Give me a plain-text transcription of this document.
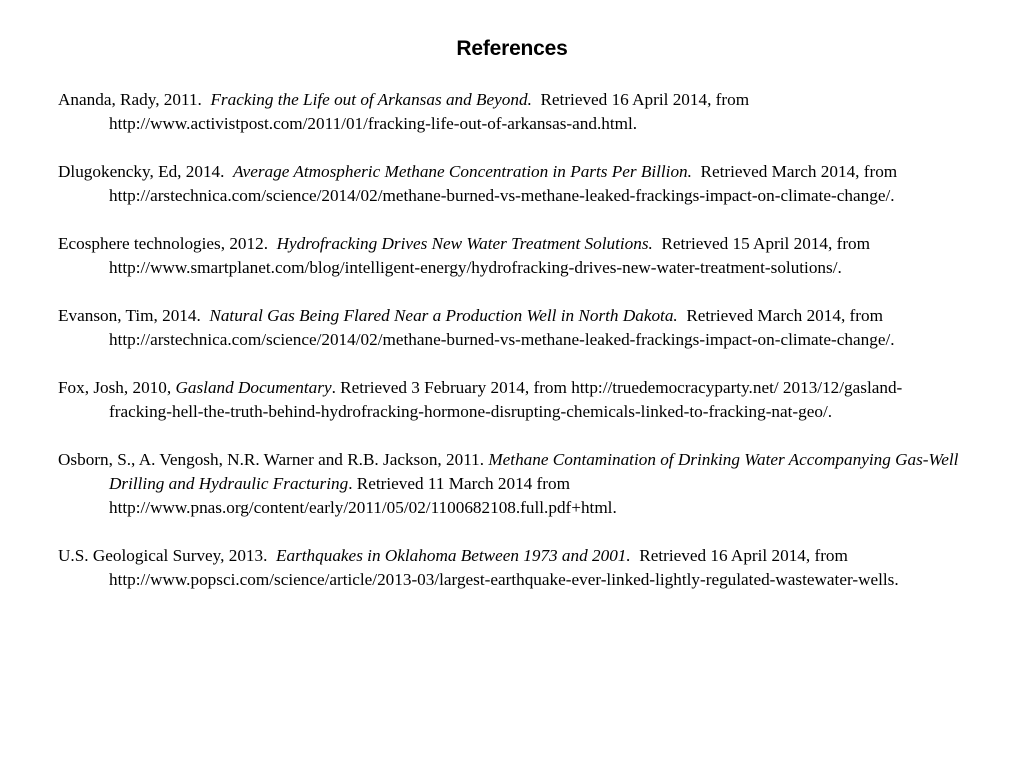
References

Ananda, Rady, 2011. Fracking the Life out of Arkansas and Beyond. Retrieved 16 April 2014, from http://www.activistpost.com/2011/01/fracking-life-out-of-arkansas-and.html.

Dlugokencky, Ed, 2014. Average Atmospheric Methane Concentration in Parts Per Billion. Retrieved March 2014, from http://arstechnica.com/science/2014/02/methane-burned-vs-methane-leaked-frackings-impact-on-climate-change/.

Ecosphere technologies, 2012. Hydrofracking Drives New Water Treatment Solutions. Retrieved 15 April 2014, from http://www.smartplanet.com/blog/intelligent-energy/hydrofracking-drives-new-water-treatment-solutions/.

Evanson, Tim, 2014. Natural Gas Being Flared Near a Production Well in North Dakota. Retrieved March 2014, from http://arstechnica.com/science/2014/02/methane-burned-vs-methane-leaked-frackings-impact-on-climate-change/.

Fox, Josh, 2010, Gasland Documentary. Retrieved 3 February 2014, from http://truedemocracyparty.net/ 2013/12/gasland-fracking-hell-the-truth-behind-hydrofracking-hormone-disrupting-chemicals-linked-to-fracking-nat-geo/.

Osborn, S., A. Vengosh, N.R. Warner and R.B. Jackson, 2011. Methane Contamination of Drinking Water Accompanying Gas-Well Drilling and Hydraulic Fracturing. Retrieved 11 March 2014 from http://www.pnas.org/content/early/2011/05/02/1100682108.full.pdf+html.

U.S. Geological Survey, 2013. Earthquakes in Oklahoma Between 1973 and 2001. Retrieved 16 April 2014, from http://www.popsci.com/science/article/2013-03/largest-earthquake-ever-linked-lightly-regulated-wastewater-wells.
